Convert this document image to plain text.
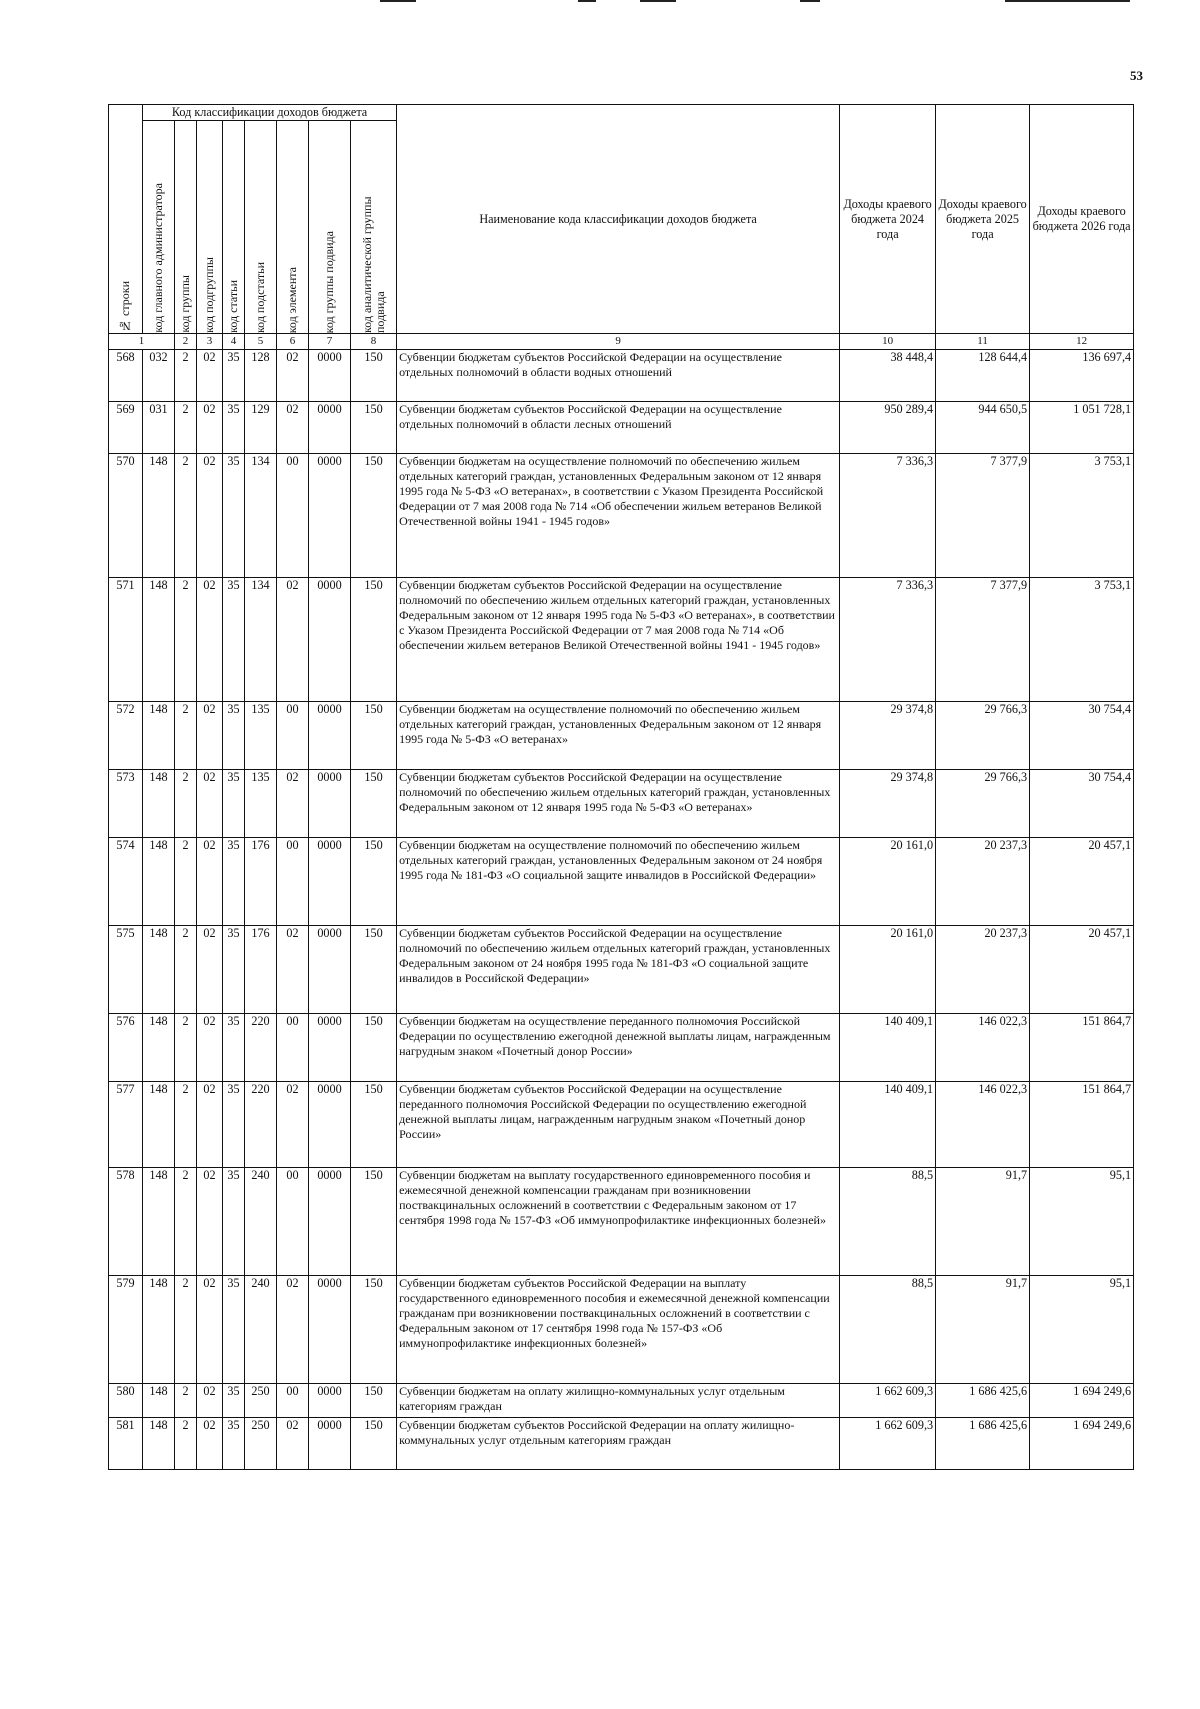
53
№ строки	Код классификации доходов бюджета								Наименование кода классификации доходов бюджета	Доходы краевого бюджета 2024 года	Доходы краевого бюджета 2025 года	Доходы краевого бюджета 2026 года

	код главного администратора	код группы	код подгруппы	код статьи	код подстатьи	код элемента	код группы подвида	код аналитической группы подвида				

1		2	3	4	5	6	7	8	9	10	11	12
568	032	2	02	35	128	02	0000	150	Субвенции бюджетам субъектов Российской Федерации на осуществление отдельных полномочий в области водных отношений	38 448,4	128 644,4	136 697,4
569	031	2	02	35	129	02	0000	150	Субвенции бюджетам субъектов Российской Федерации на осуществление отдельных полномочий в области лесных отношений	950 289,4	944 650,5	1 051 728,1
570	148	2	02	35	134	00	0000	150	Субвенции бюджетам на осуществление полномочий по обеспечению жильем отдельных категорий граждан, установленных Федеральным законом от 12 января 1995 года № 5-ФЗ «О ветеранах», в соответствии с Указом Президента Российской Федерации от 7 мая 2008 года № 714 «Об обеспечении жильем ветеранов Великой Отечественной войны 1941 - 1945 годов»	7 336,3	7 377,9	3 753,1
571	148	2	02	35	134	02	0000	150	Субвенции бюджетам субъектов Российской Федерации на осуществление полномочий по обеспечению жильем отдельных категорий граждан, установленных Федеральным законом от 12 января 1995 года № 5-ФЗ «О ветеранах», в соответствии с Указом Президента Российской Федерации от 7 мая 2008 года № 714 «Об обеспечении жильем ветеранов Великой Отечественной войны 1941 - 1945 годов»	7 336,3	7 377,9	3 753,1
572	148	2	02	35	135	00	0000	150	Субвенции бюджетам на осуществление полномочий по обеспечению жильем отдельных категорий граждан, установленных Федеральным законом от 12 января 1995 года № 5-ФЗ «О ветеранах»	29 374,8	29 766,3	30 754,4
573	148	2	02	35	135	02	0000	150	Субвенции бюджетам субъектов Российской Федерации на осуществление полномочий по обеспечению жильем отдельных категорий граждан, установленных Федеральным законом от 12 января 1995 года № 5-ФЗ «О ветеранах»	29 374,8	29 766,3	30 754,4
574	148	2	02	35	176	00	0000	150	Субвенции бюджетам на осуществление полномочий по обеспечению жильем отдельных категорий граждан, установленных Федеральным законом от 24 ноября 1995 года № 181-ФЗ «О социальной защите инвалидов в Российской Федерации»	20 161,0	20 237,3	20 457,1
575	148	2	02	35	176	02	0000	150	Субвенции бюджетам субъектов Российской Федерации на осуществление полномочий по обеспечению жильем отдельных категорий граждан, установленных Федеральным законом от 24 ноября 1995 года № 181-ФЗ «О социальной защите инвалидов в Российской Федерации»	20 161,0	20 237,3	20 457,1
576	148	2	02	35	220	00	0000	150	Субвенции бюджетам на осуществление переданного полномочия Российской Федерации по осуществлению ежегодной денежной выплаты лицам, награжденным нагрудным знаком «Почетный донор России»	140 409,1	146 022,3	151 864,7
577	148	2	02	35	220	02	0000	150	Субвенции бюджетам субъектов Российской Федерации на осуществление переданного полномочия Российской Федерации по осуществлению ежегодной денежной выплаты лицам, награжденным нагрудным знаком «Почетный донор России»	140 409,1	146 022,3	151 864,7
578	148	2	02	35	240	00	0000	150	Субвенции бюджетам на выплату государственного единовременного пособия и ежемесячной денежной компенсации гражданам при возникновении поствакцинальных осложнений в соответствии с Федеральным законом от 17 сентября 1998 года № 157-ФЗ «Об иммунопрофилактике инфекционных болезней»	88,5	91,7	95,1
579	148	2	02	35	240	02	0000	150	Субвенции бюджетам субъектов Российской Федерации на выплату государственного единовременного пособия и ежемесячной денежной компенсации гражданам при возникновении поствакцинальных осложнений в соответствии с Федеральным законом от 17 сентября 1998 года № 157-ФЗ «Об иммунопрофилактике инфекционных болезней»	88,5	91,7	95,1
580	148	2	02	35	250	00	0000	150	Субвенции бюджетам на оплату жилищно-коммунальных услуг отдельным категориям граждан	1 662 609,3	1 686 425,6	1 694 249,6
581	148	2	02	35	250	02	0000	150	Субвенции бюджетам субъектов Российской Федерации на оплату жилищно-коммунальных услуг отдельным категориям граждан	1 662 609,3	1 686 425,6	1 694 249,6
